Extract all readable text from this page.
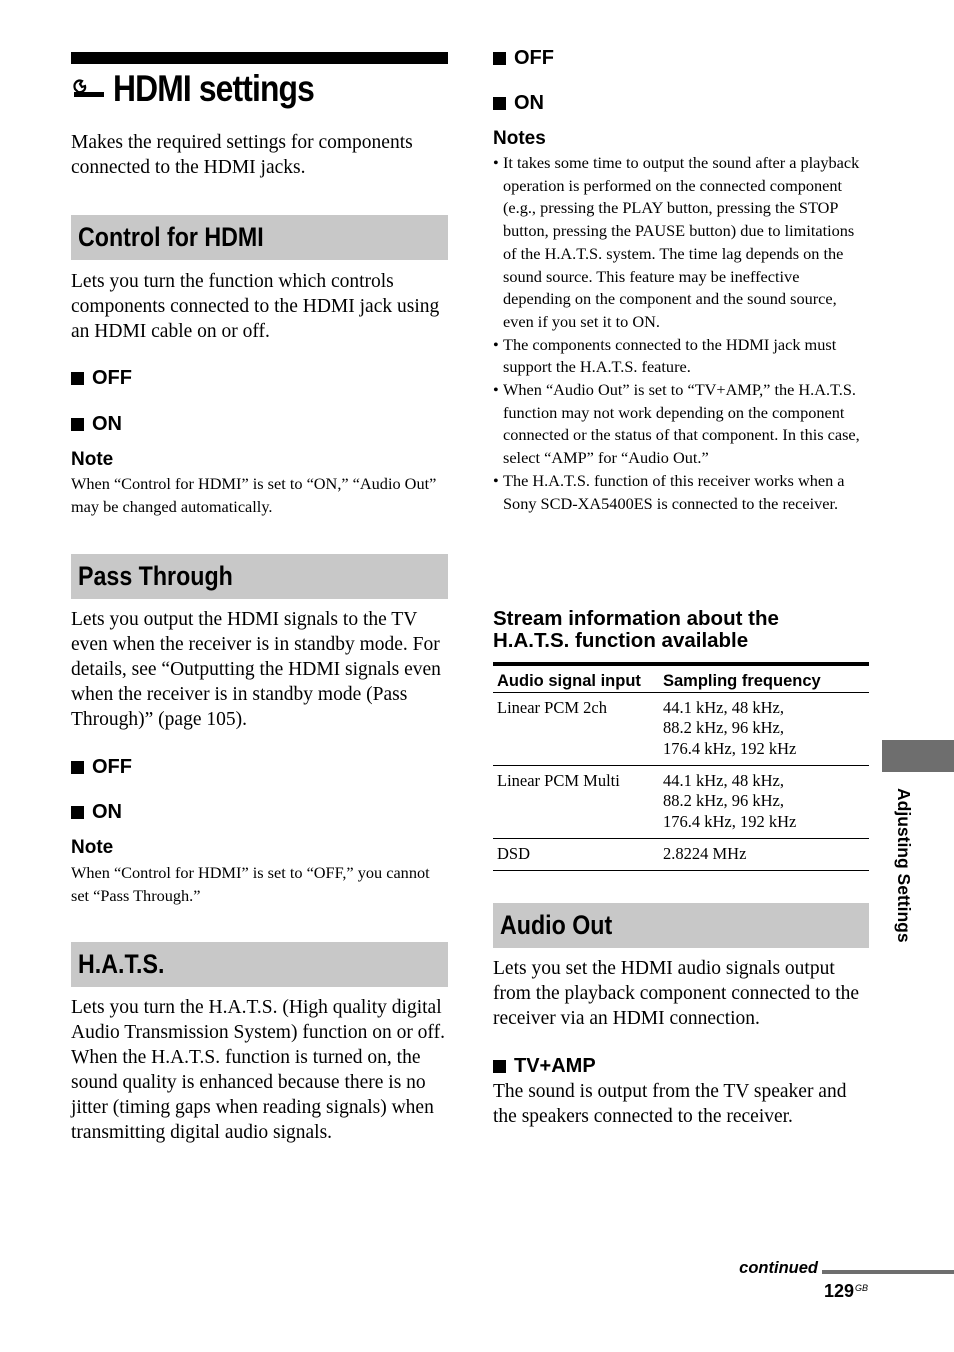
HDMI settings
Makes the required settings for components connected to the HDMI jacks.
Control for HDMI
Lets you turn the function which controls components connected to the HDMI jack using an HDMI cable on or off.
OFF
ON
Note
When “Control for HDMI” is set to “ON,” “Audio Out” may be changed automatically.
Pass Through
Lets you output the HDMI signals to the TV even when the receiver is in standby mode. For details, see “Outputting the HDMI signals even when the receiver is in standby mode (Pass Through)” (page 105).
OFF
ON
Note
When “Control for HDMI” is set to “OFF,” you cannot set “Pass Through.”
H.A.T.S.
Lets you turn the H.A.T.S. (High quality digital Audio Transmission System) function on or off. When the H.A.T.S. function is turned on, the sound quality is enhanced because there is no jitter (timing gaps when reading signals) when transmitting digital audio signals.
OFF
ON
Notes
• It takes some time to output the sound after a playback operation is performed on the connected component (e.g., pressing the PLAY button, pressing the STOP button, pressing the PAUSE button) due to limitations of the H.A.T.S. system. The time lag depends on the sound source. This feature may be ineffective depending on the component and the sound source, even if you set it to ON.
• The components connected to the HDMI jack must support the H.A.T.S. feature.
• When “Audio Out” is set to “TV+AMP,” the H.A.T.S. function may not work depending on the component connected or the status of that component. In this case, select “AMP” for “Audio Out.”
• The H.A.T.S. function of this receiver works when a Sony SCD-XA5400ES is connected to the receiver.
Stream information about the
H.A.T.S. function available
Audio signal input	Sampling frequency
Linear PCM 2ch	44.1 kHz, 48 kHz,
88.2 kHz, 96 kHz,
176.4 kHz, 192 kHz

Linear PCM Multi	44.1 kHz, 48 kHz,
88.2 kHz, 96 kHz,
176.4 kHz, 192 kHz

DSD	2.8224 MHz
Audio Out
Lets you set the HDMI audio signals output from the playback component connected to the receiver via an HDMI connection.
TV+AMP
The sound is output from the TV speaker and the speakers connected to the receiver.
Adjusting Settings
continued
$129^{GB}$
